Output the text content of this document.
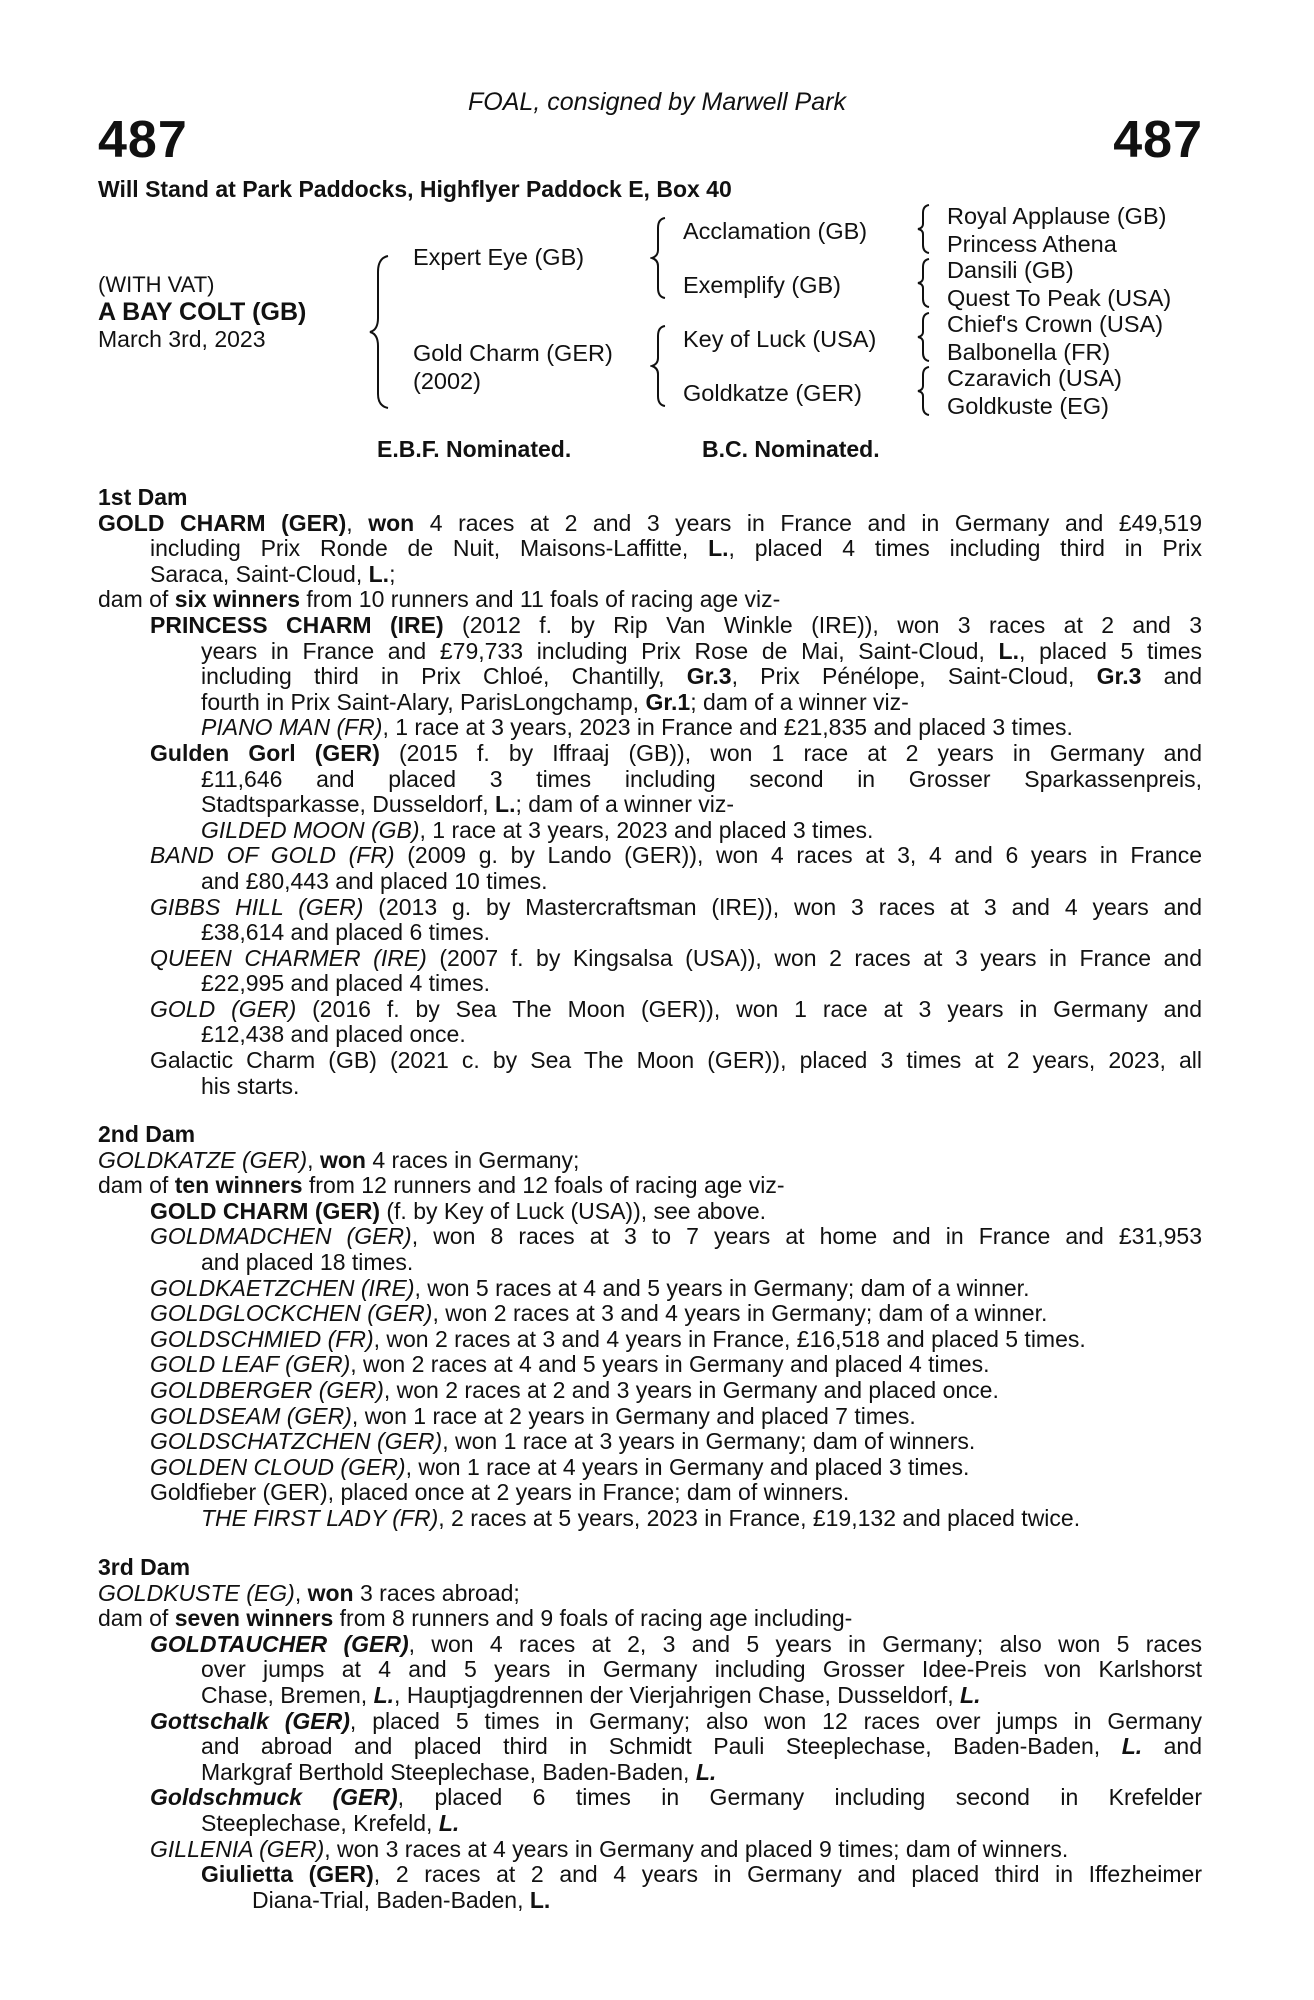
FOAL, consigned by Marwell Park
487	487
Will Stand at Park Paddocks, Highflyer Paddock E, Box 40
(WITH VAT)
A BAY COLT (GB)
March 3rd, 2023
Expert Eye (GB)
Gold Charm (GER)
(2002)
Acclamation (GB)
Exemplify (GB)
Key of Luck (USA)
Goldkatze (GER)
Royal Applause (GB)
Princess Athena
Dansili (GB)
Quest To Peak (USA)
Chief's Crown (USA)
Balbonella (FR)
Czaravich (USA)
Goldkuste (EG)
E.B.F. Nominated.	B.C. Nominated.
1st Dam
GOLD CHARM (GER), won 4 races at 2 and 3 years in France and in Germany and £49,519
including Prix Ronde de Nuit, Maisons-Laffitte, L., placed 4 times including third in Prix
Saraca, Saint-Cloud, L.;
dam of six winners from 10 runners and 11 foals of racing age viz-
PRINCESS CHARM (IRE) (2012 f. by Rip Van Winkle (IRE)), won 3 races at 2 and 3
years in France and £79,733 including Prix Rose de Mai, Saint-Cloud, L., placed 5 times
including third in Prix Chloé, Chantilly, Gr.3, Prix Pénélope, Saint-Cloud, Gr.3 and
fourth in Prix Saint-Alary, ParisLongchamp, Gr.1; dam of a winner viz-
PIANO MAN (FR), 1 race at 3 years, 2023 in France and £21,835 and placed 3 times.
Gulden Gorl (GER) (2015 f. by Iffraaj (GB)), won 1 race at 2 years in Germany and
£11,646 and placed 3 times including second in Grosser Sparkassenpreis,
Stadtsparkasse, Dusseldorf, L.; dam of a winner viz-
GILDED MOON (GB), 1 race at 3 years, 2023 and placed 3 times.
BAND OF GOLD (FR) (2009 g. by Lando (GER)), won 4 races at 3, 4 and 6 years in France
and £80,443 and placed 10 times.
GIBBS HILL (GER) (2013 g. by Mastercraftsman (IRE)), won 3 races at 3 and 4 years and
£38,614 and placed 6 times.
QUEEN CHARMER (IRE) (2007 f. by Kingsalsa (USA)), won 2 races at 3 years in France and
£22,995 and placed 4 times.
GOLD (GER) (2016 f. by Sea The Moon (GER)), won 1 race at 3 years in Germany and
£12,438 and placed once.
Galactic Charm (GB) (2021 c. by Sea The Moon (GER)), placed 3 times at 2 years, 2023, all
his starts.
2nd Dam
GOLDKATZE (GER), won 4 races in Germany;
dam of ten winners from 12 runners and 12 foals of racing age viz-
GOLD CHARM (GER) (f. by Key of Luck (USA)), see above.
GOLDMADCHEN (GER), won 8 races at 3 to 7 years at home and in France and £31,953
and placed 18 times.
GOLDKAETZCHEN (IRE), won 5 races at 4 and 5 years in Germany; dam of a winner.
GOLDGLOCKCHEN (GER), won 2 races at 3 and 4 years in Germany; dam of a winner.
GOLDSCHMIED (FR), won 2 races at 3 and 4 years in France, £16,518 and placed 5 times.
GOLD LEAF (GER), won 2 races at 4 and 5 years in Germany and placed 4 times.
GOLDBERGER (GER), won 2 races at 2 and 3 years in Germany and placed once.
GOLDSEAM (GER), won 1 race at 2 years in Germany and placed 7 times.
GOLDSCHATZCHEN (GER), won 1 race at 3 years in Germany; dam of winners.
GOLDEN CLOUD (GER), won 1 race at 4 years in Germany and placed 3 times.
Goldfieber (GER), placed once at 2 years in France; dam of winners.
THE FIRST LADY (FR), 2 races at 5 years, 2023 in France, £19,132 and placed twice.
3rd Dam
GOLDKUSTE (EG), won 3 races abroad;
dam of seven winners from 8 runners and 9 foals of racing age including-
GOLDTAUCHER (GER), won 4 races at 2, 3 and 5 years in Germany; also won 5 races
over jumps at 4 and 5 years in Germany including Grosser Idee-Preis von Karlshorst
Chase, Bremen, L., Hauptjagdrennen der Vierjahrigen Chase, Dusseldorf, L.
Gottschalk (GER), placed 5 times in Germany; also won 12 races over jumps in Germany
and abroad and placed third in Schmidt Pauli Steeplechase, Baden-Baden, L. and
Markgraf Berthold Steeplechase, Baden-Baden, L.
Goldschmuck (GER), placed 6 times in Germany including second in Krefelder
Steeplechase, Krefeld, L.
GILLENIA (GER), won 3 races at 4 years in Germany and placed 9 times; dam of winners.
Giulietta (GER), 2 races at 2 and 4 years in Germany and placed third in Iffezheimer
Diana-Trial, Baden-Baden, L.
